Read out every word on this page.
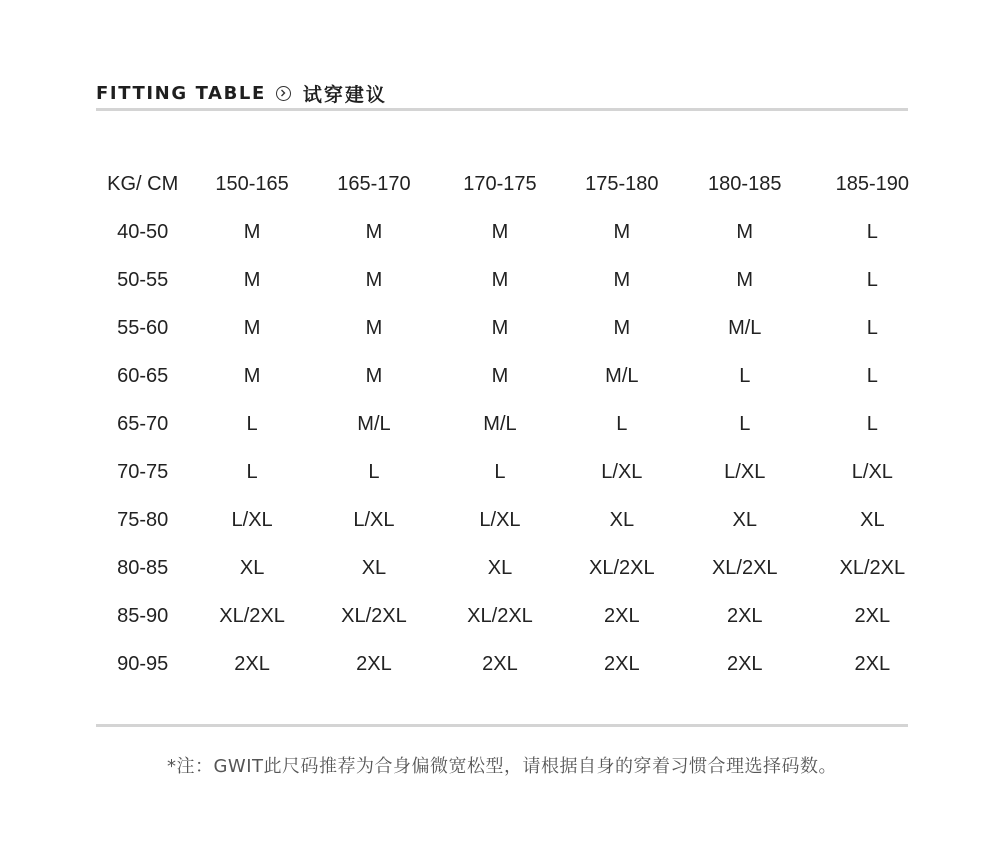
FITTING TABLE 试穿建议
KG/ CM	150-165	165-170	170-175	175-180	180-185	185-190
40-50	M	M	M	M	M	L
50-55	M	M	M	M	M	L
55-60	M	M	M	M	M/L	L
60-65	M	M	M	M/L	L	L
65-70	L	M/L	M/L	L	L	L
70-75	L	L	L	L/XL	L/XL	L/XL
75-80	L/XL	L/XL	L/XL	XL	XL	XL
80-85	XL	XL	XL	XL/2XL	XL/2XL	XL/2XL
85-90	XL/2XL	XL/2XL	XL/2XL	2XL	2XL	2XL
90-95	2XL	2XL	2XL	2XL	2XL	2XL
*注：GWIT此尺码推荐为合身偏微宽松型，请根据自身的穿着习惯合理选择码数。
